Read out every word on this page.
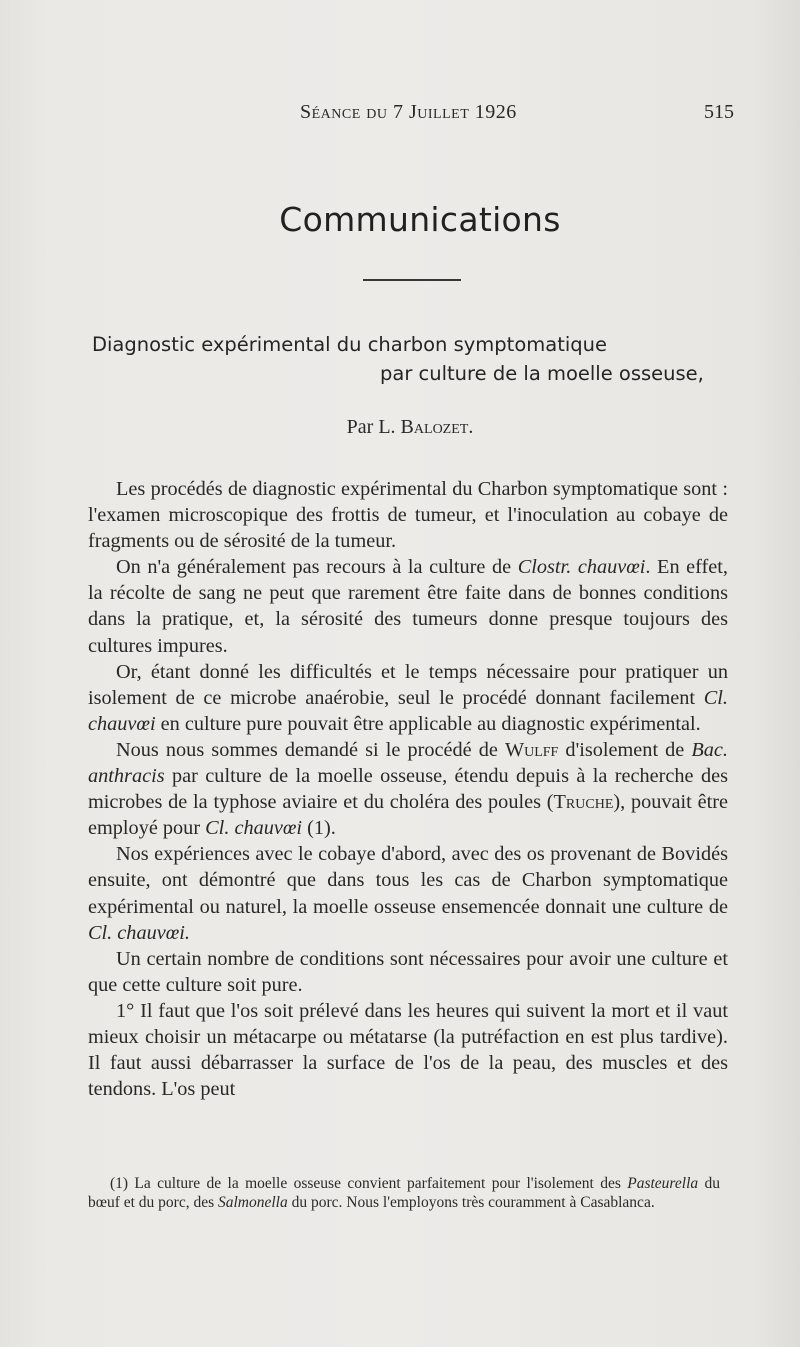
Séance du 7 Juillet 1926	515
Communications
Diagnostic expérimental du charbon symptomatique
par culture de la moelle osseuse,
Par L. Balozet.

Les procédés de diagnostic expérimental du Charbon symptomatique sont : l'examen microscopique des frottis de tumeur, et l'inoculation au cobaye de fragments ou de sérosité de la tumeur.

On n'a généralement pas recours à la culture de Clostr. chauvœi. En effet, la récolte de sang ne peut que rarement être faite dans de bonnes conditions dans la pratique, et, la sérosité des tumeurs donne presque toujours des cultures impures.

Or, étant donné les difficultés et le temps nécessaire pour pratiquer un isolement de ce microbe anaérobie, seul le procédé donnant facilement Cl. chauvœi en culture pure pouvait être applicable au diagnostic expérimental.

Nous nous sommes demandé si le procédé de Wulff d'isolement de Bac. anthracis par culture de la moelle osseuse, étendu depuis à la recherche des microbes de la typhose aviaire et du choléra des poules (Truche), pouvait être employé pour Cl. chauvœi (1).

Nos expériences avec le cobaye d'abord, avec des os provenant de Bovidés ensuite, ont démontré que dans tous les cas de Charbon symptomatique expérimental ou naturel, la moelle osseuse ensemencée donnait une culture de Cl. chauvœi.

Un certain nombre de conditions sont nécessaires pour avoir une culture et que cette culture soit pure.

1° Il faut que l'os soit prélevé dans les heures qui suivent la mort et il vaut mieux choisir un métacarpe ou métatarse (la putréfaction en est plus tardive). Il faut aussi débarrasser la surface de l'os de la peau, des muscles et des tendons. L'os peut

(1) La culture de la moelle osseuse convient parfaitement pour l'isolement des Pasteurella du bœuf et du porc, des Salmonella du porc. Nous l'employons très couramment à Casablanca.
